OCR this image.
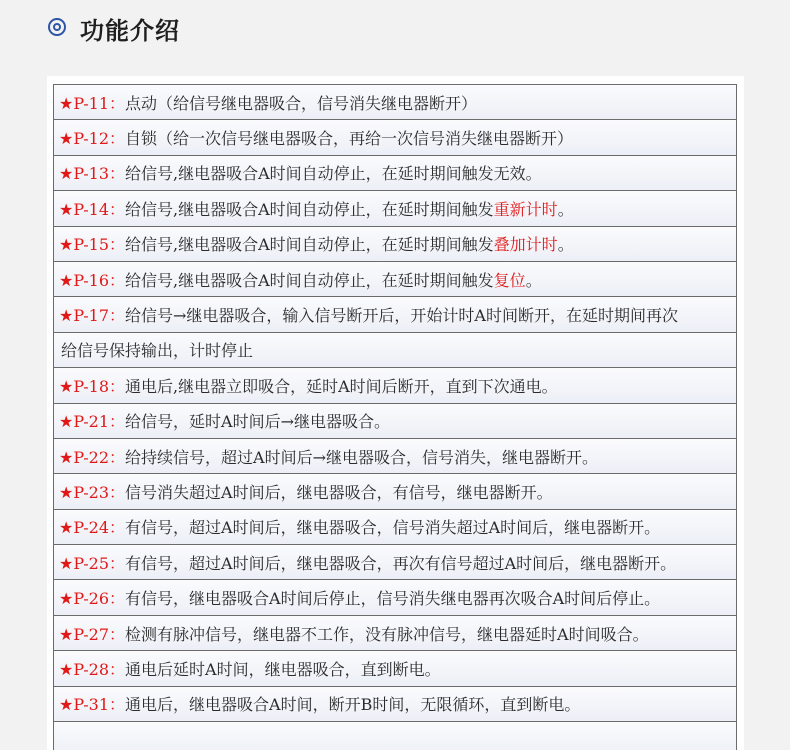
功能介绍
★P-11： 点动（给信号继电器吸合，信号消失继电器断开）
★P-12： 自锁（给一次信号继电器吸合，再给一次信号消失继电器断开）
★P-13： 给信号,继电器吸合A时间自动停止，在延时期间触发无效。
★P-14： 给信号,继电器吸合A时间自动停止，在延时期间触发 重新计时 。
★P-15： 给信号,继电器吸合A时间自动停止，在延时期间触发 叠加计时 。
★P-16： 给信号,继电器吸合A时间自动停止，在延时期间触发 复位 。
★P-17： 给信号→继电器吸合，输入信号断开后，开始计时A时间断开，在延时期间再次
给信号保持输出，计时停止
★P-18： 通电后,继电器立即吸合，延时A时间后断开，直到下次通电。
★P-21： 给信号，延时A时间后→继电器吸合。
★P-22： 给持续信号，超过A时间后→继电器吸合，信号消失，继电器断开。
★P-23： 信号消失超过A时间后，继电器吸合，有信号，继电器断开。
★P-24： 有信号，超过A时间后，继电器吸合，信号消失超过A时间后，继电器断开。
★P-25： 有信号，超过A时间后，继电器吸合，再次有信号超过A时间后，继电器断开。
★P-26： 有信号，继电器吸合A时间后停止，信号消失继电器再次吸合A时间后停止。
★P-27： 检测有脉冲信号，继电器不工作，没有脉冲信号，继电器延时A时间吸合。
★P-28： 通电后延时A时间，继电器吸合，直到断电。
★P-31： 通电后，继电器吸合A时间，断开B时间，无限循环，直到断电。
